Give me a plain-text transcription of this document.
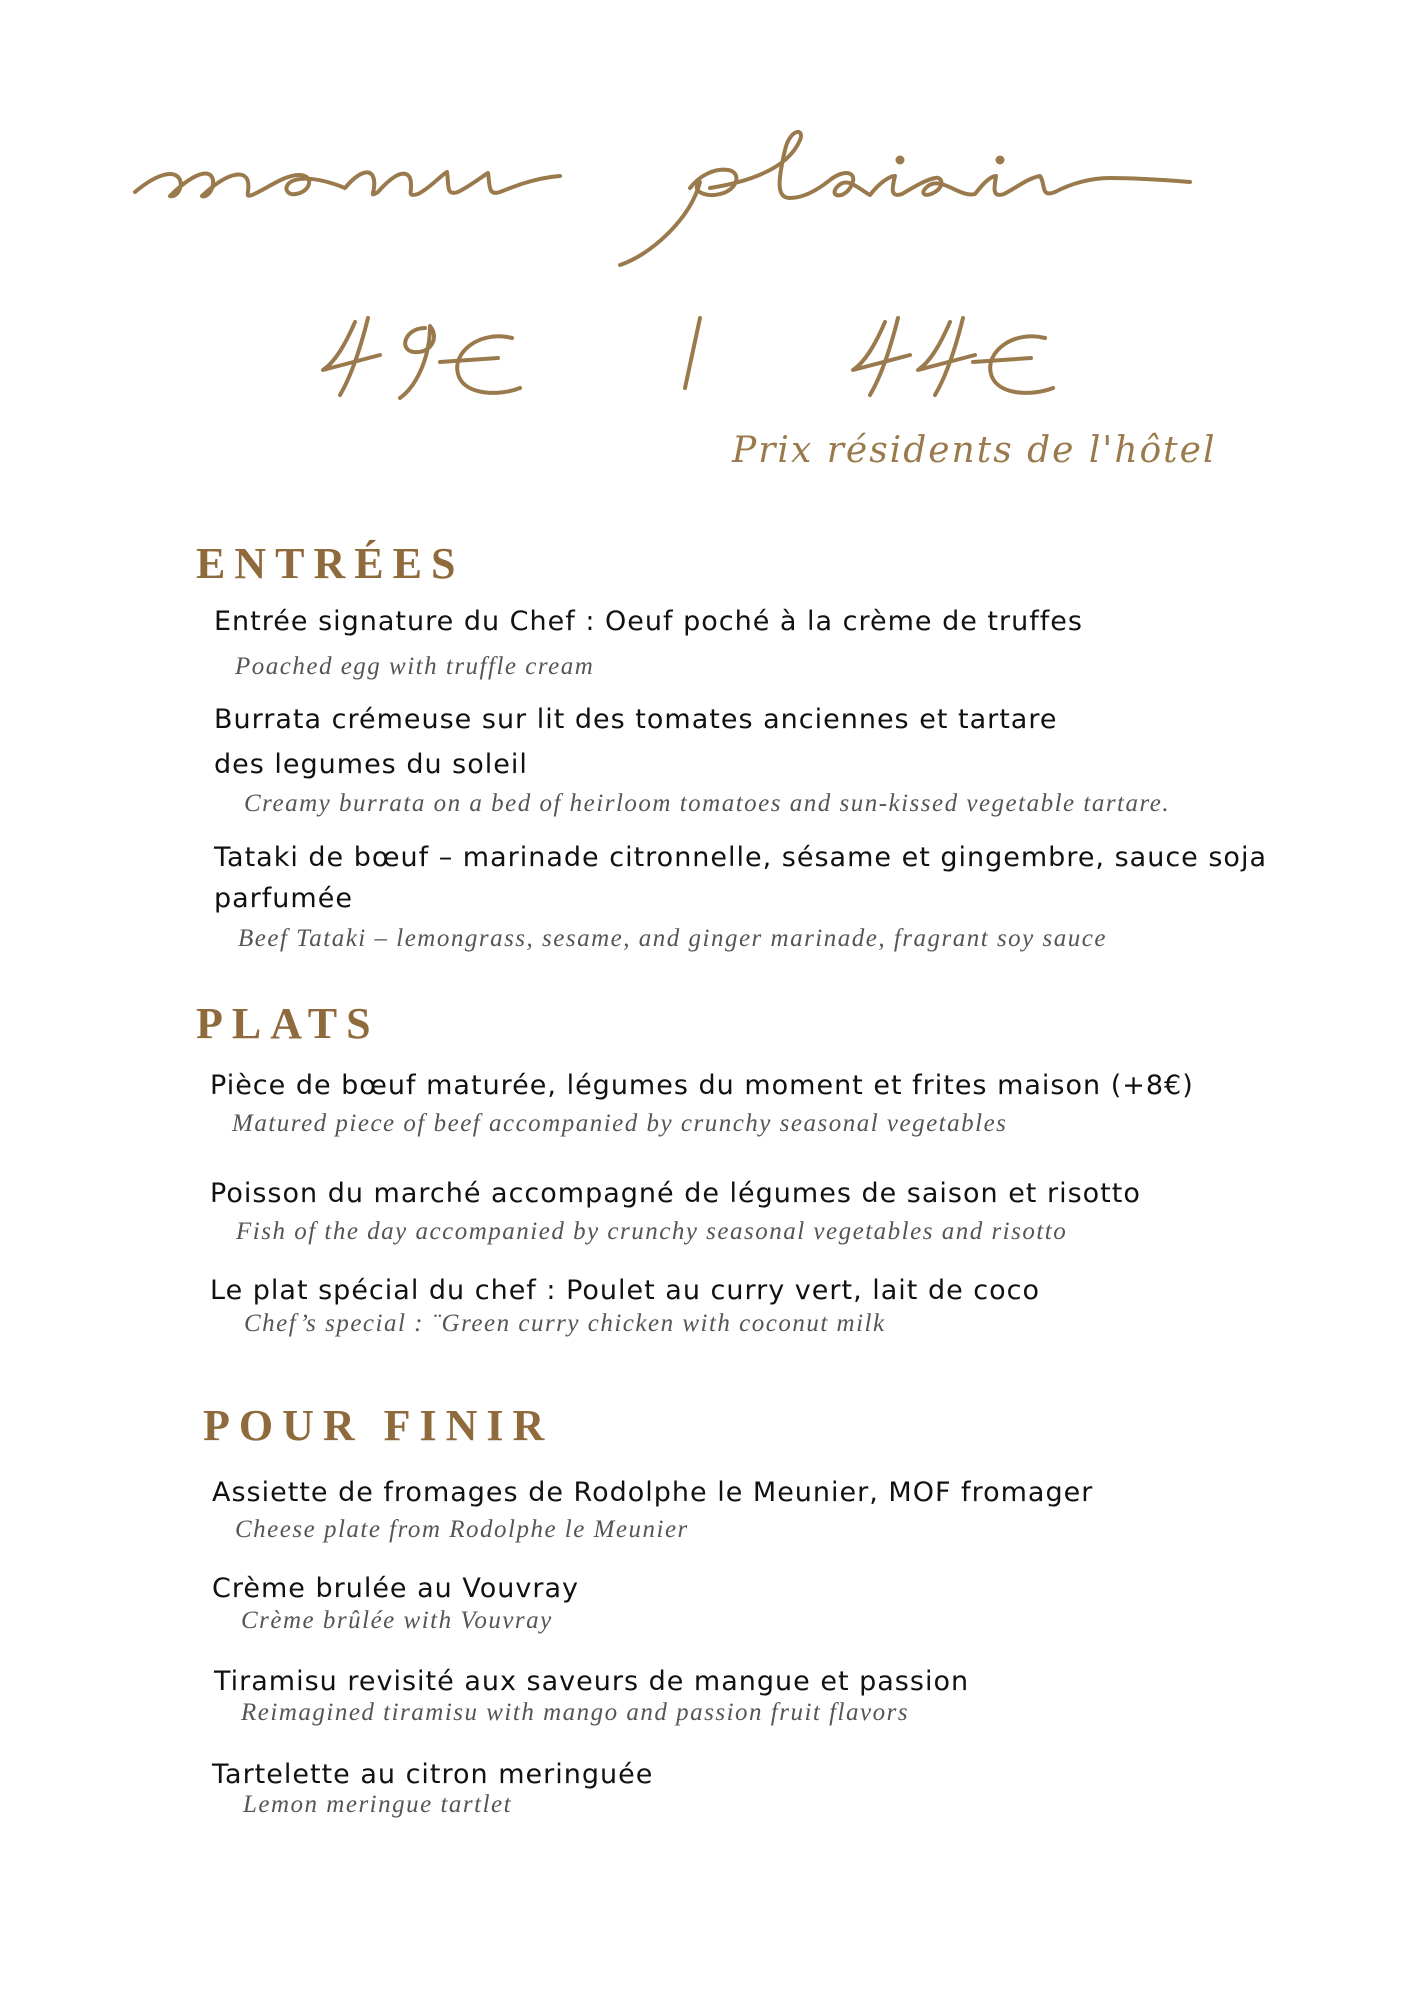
Prix résidents de l'hôtel
ENTRÉES
Entrée signature du Chef : Oeuf poché à la crème de truffes
Poached egg with truffle cream
Burrata crémeuse sur lit des tomates anciennes et tartare
des legumes du soleil
Creamy burrata on a bed of heirloom tomatoes and sun-kissed vegetable tartare.
Tataki de bœuf – marinade citronnelle, sésame et gingembre, sauce soja
parfumée
Beef Tataki – lemongrass, sesame, and ginger marinade, fragrant soy sauce
PLATS
Pièce de bœuf maturée, légumes du moment et frites maison (+8€)
Matured piece of beef accompanied by crunchy seasonal vegetables
Poisson du marché accompagné de légumes de saison et risotto
Fish of the day accompanied by crunchy seasonal vegetables and risotto
Le plat spécial du chef : Poulet au curry vert, lait de coco
Chef’s special : ¨Green curry chicken with coconut milk
POUR FINIR
Assiette de fromages de Rodolphe le Meunier, MOF fromager
Cheese plate from Rodolphe le Meunier
Crème brulée au Vouvray
Crème brûlée with Vouvray
Tiramisu revisité aux saveurs de mangue et passion
Reimagined tiramisu with mango and passion fruit flavors
Tartelette au citron meringuée
Lemon meringue tartlet
